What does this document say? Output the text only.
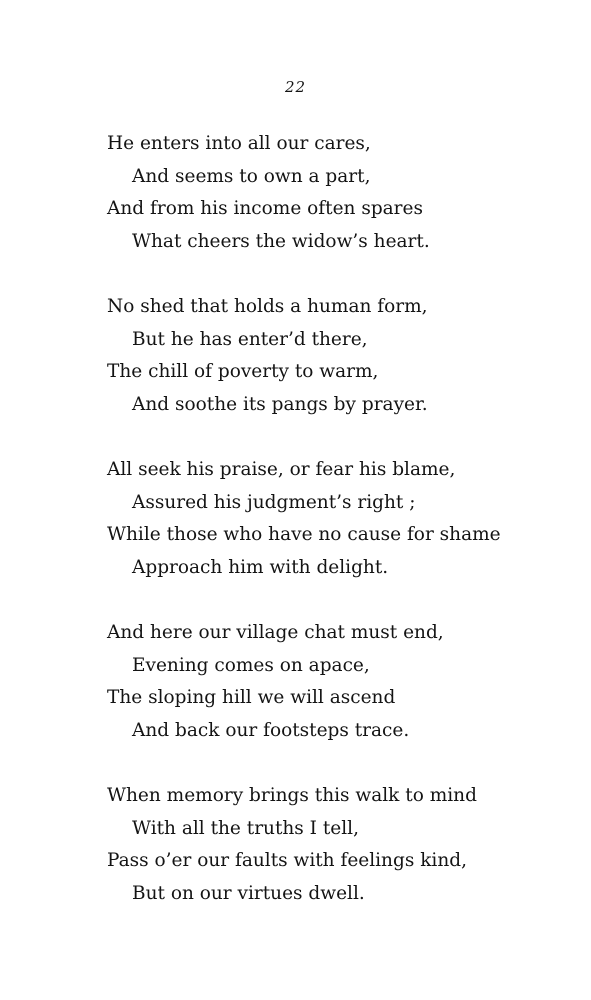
22
He enters into all our cares,
And seems to own a part,
And from his income often spares
What cheers the widow’s heart.
No shed that holds a human form,
But he has enter’d there,
The chill of poverty to warm,
And soothe its pangs by prayer.
All seek his praise, or fear his blame,
Assured his judgment’s right ;
While those who have no cause for shame
Approach him with delight.
And here our village chat must end,
Evening comes on apace,
The sloping hill we will ascend
And back our footsteps trace.
When memory brings this walk to mind
With all the truths I tell,
Pass o’er our faults with feelings kind,
But on our virtues dwell.
